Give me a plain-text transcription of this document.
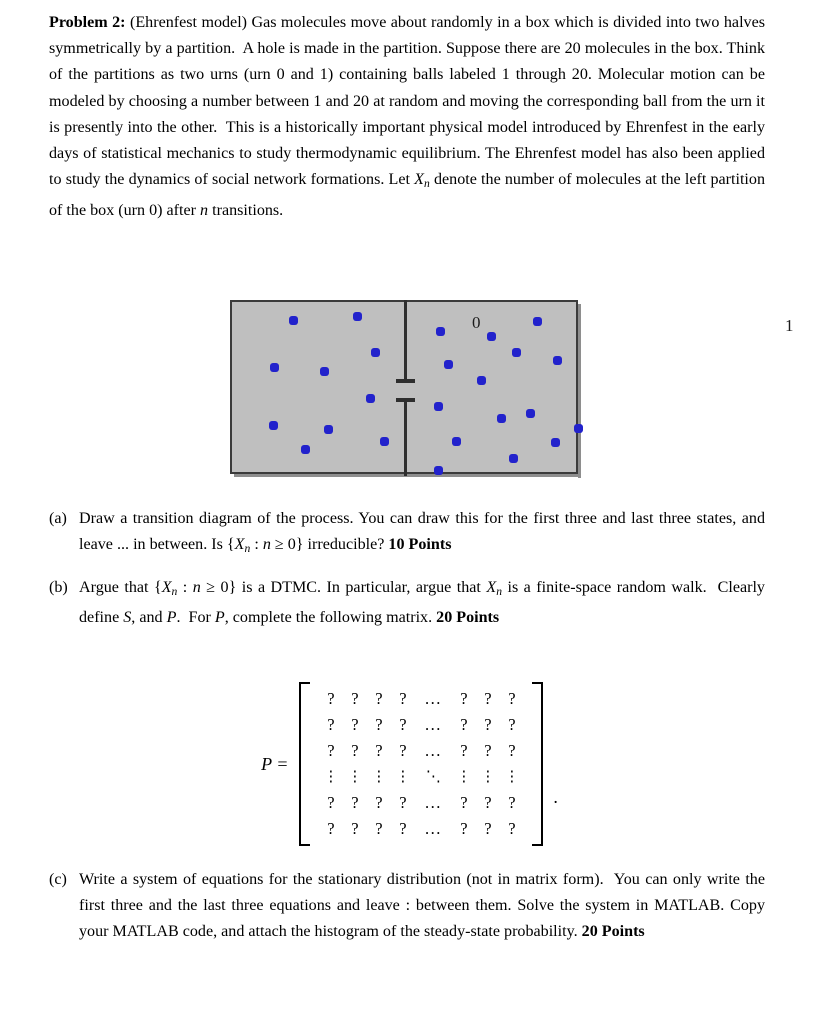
Problem 2: (Ehrenfest model) Gas molecules move about randomly in a box which is divided into two halves symmetrically by a partition.  A hole is made in the partition. Suppose there are 20 molecules in the box. Think of the partitions as two urns (urn 0 and 1) containing balls labeled 1 through 20. Molecular motion can be modeled by choosing a number between 1 and 20 at random and moving the corresponding ball from the urn it is presently into the other.  This is a historically important physical model introduced by Ehrenfest in the early days of statistical mechanics to study thermodynamic equilibrium. The Ehrenfest model has also been applied to study the dynamics of social network formations. Let $X_n$ denote the number of molecules at the left partition of the box (urn 0) after n transitions.
0	1
(a) Draw a transition diagram of the process. You can draw this for the first three and last three states, and leave ... in between. Is {$X_n$ : n ≥ 0} irreducible? 10 Points
(b) Argue that {$X_n$ : n ≥ 0} is a DTMC. In particular, argue that $X_n$ is a finite-space random walk.  Clearly define S, and P.  For P, complete the following matrix. 20 Points
P =
? ? ? ?	...	? ? ?
? ? ? ?	...	? ? ?
? ? ? ?	...	? ? ?
⋮ ⋮ ⋮ ⋮ ⋱ ⋮ ⋮ ⋮
? ? ? ?	...	? ? ?
? ? ? ?	...	? ? ?
.
(c) Write a system of equations for the stationary distribution (not in matrix form).  You can only write the first three and the last three equations and leave : between them. Solve the system in MATLAB. Copy your MATLAB code, and attach the histogram of the steady-state probability. 20 Points
